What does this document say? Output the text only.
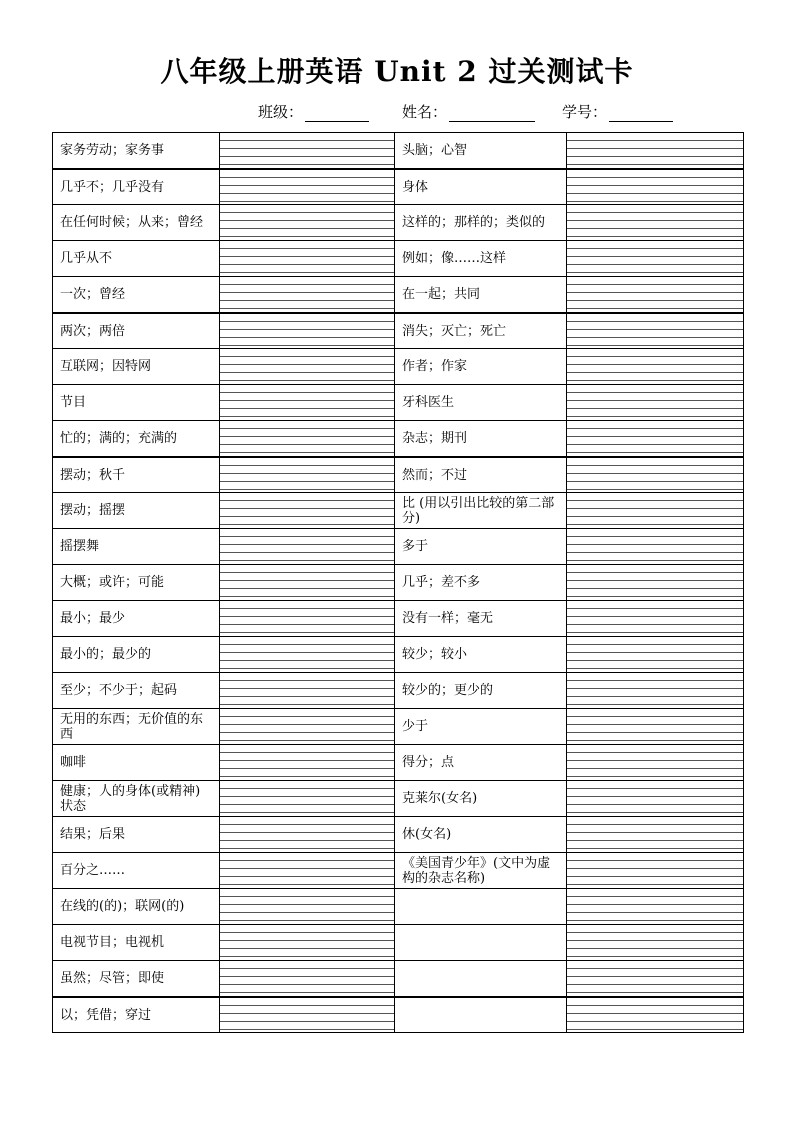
八年级上册英语 Unit 2 过关测试卡
班级：	姓名：	学号：
家务劳动；家务事	头脑；心智
几乎不；几乎没有	身体
在任何时候；从来；曾经	这样的；那样的；类似的
几乎从不	例如；像……这样
一次；曾经	在一起；共同
两次；两倍	消失；灭亡；死亡
互联网；因特网	作者；作家
节目	牙科医生
忙的；满的；充满的	杂志；期刊
摆动；秋千	然而；不过
摆动；摇摆	比 (用以引出比较的第二部分)
摇摆舞	多于
大概；或许；可能	几乎；差不多
最小；最少	没有一样；毫无
最小的；最少的	较少；较小
至少；不少于；起码	较少的；更少的
无用的东西；无价值的东西	少于
咖啡	得分；点
健康；人的身体(或精神)状态	克莱尔(女名)
结果；后果	休(女名)
百分之……	《美国青少年》(文中为虚构的杂志名称)
在线的(的)；联网(的)
电视节目；电视机
虽然；尽管；即使
以；凭借；穿过
